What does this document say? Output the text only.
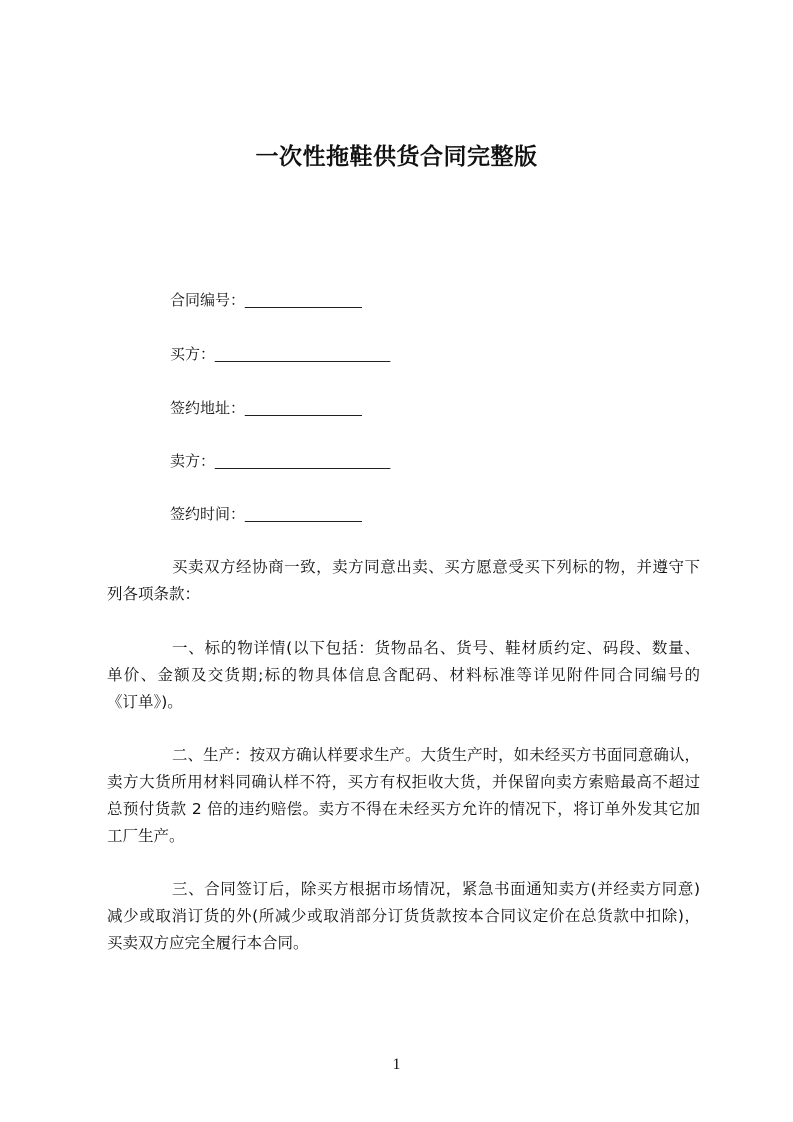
一次性拖鞋供货合同完整版
合同编号：______________
买方：_____________________
签约地址：______________
卖方：_____________________
签约时间：______________
买卖双方经协商一致，卖方同意出卖、买方愿意受买下列标的物，并遵守下
列各项条款：
一、标的物详情(以下包括：货物品名、货号、鞋材质约定、码段、数量、
单价、金额及交货期;标的物具体信息含配码、材料标准等详见附件同合同编号的
《订单》)。
二、生产：按双方确认样要求生产。大货生产时，如未经买方书面同意确认，
卖方大货所用材料同确认样不符，买方有权拒收大货，并保留向卖方索赔最高不超过
总预付货款 2 倍的违约赔偿。卖方不得在未经买方允许的情况下，将订单外发其它加
工厂生产。
三、合同签订后，除买方根据市场情况，紧急书面通知卖方(并经卖方同意)
减少或取消订货的外(所减少或取消部分订货货款按本合同议定价在总货款中扣除)，
买卖双方应完全履行本合同。
1
